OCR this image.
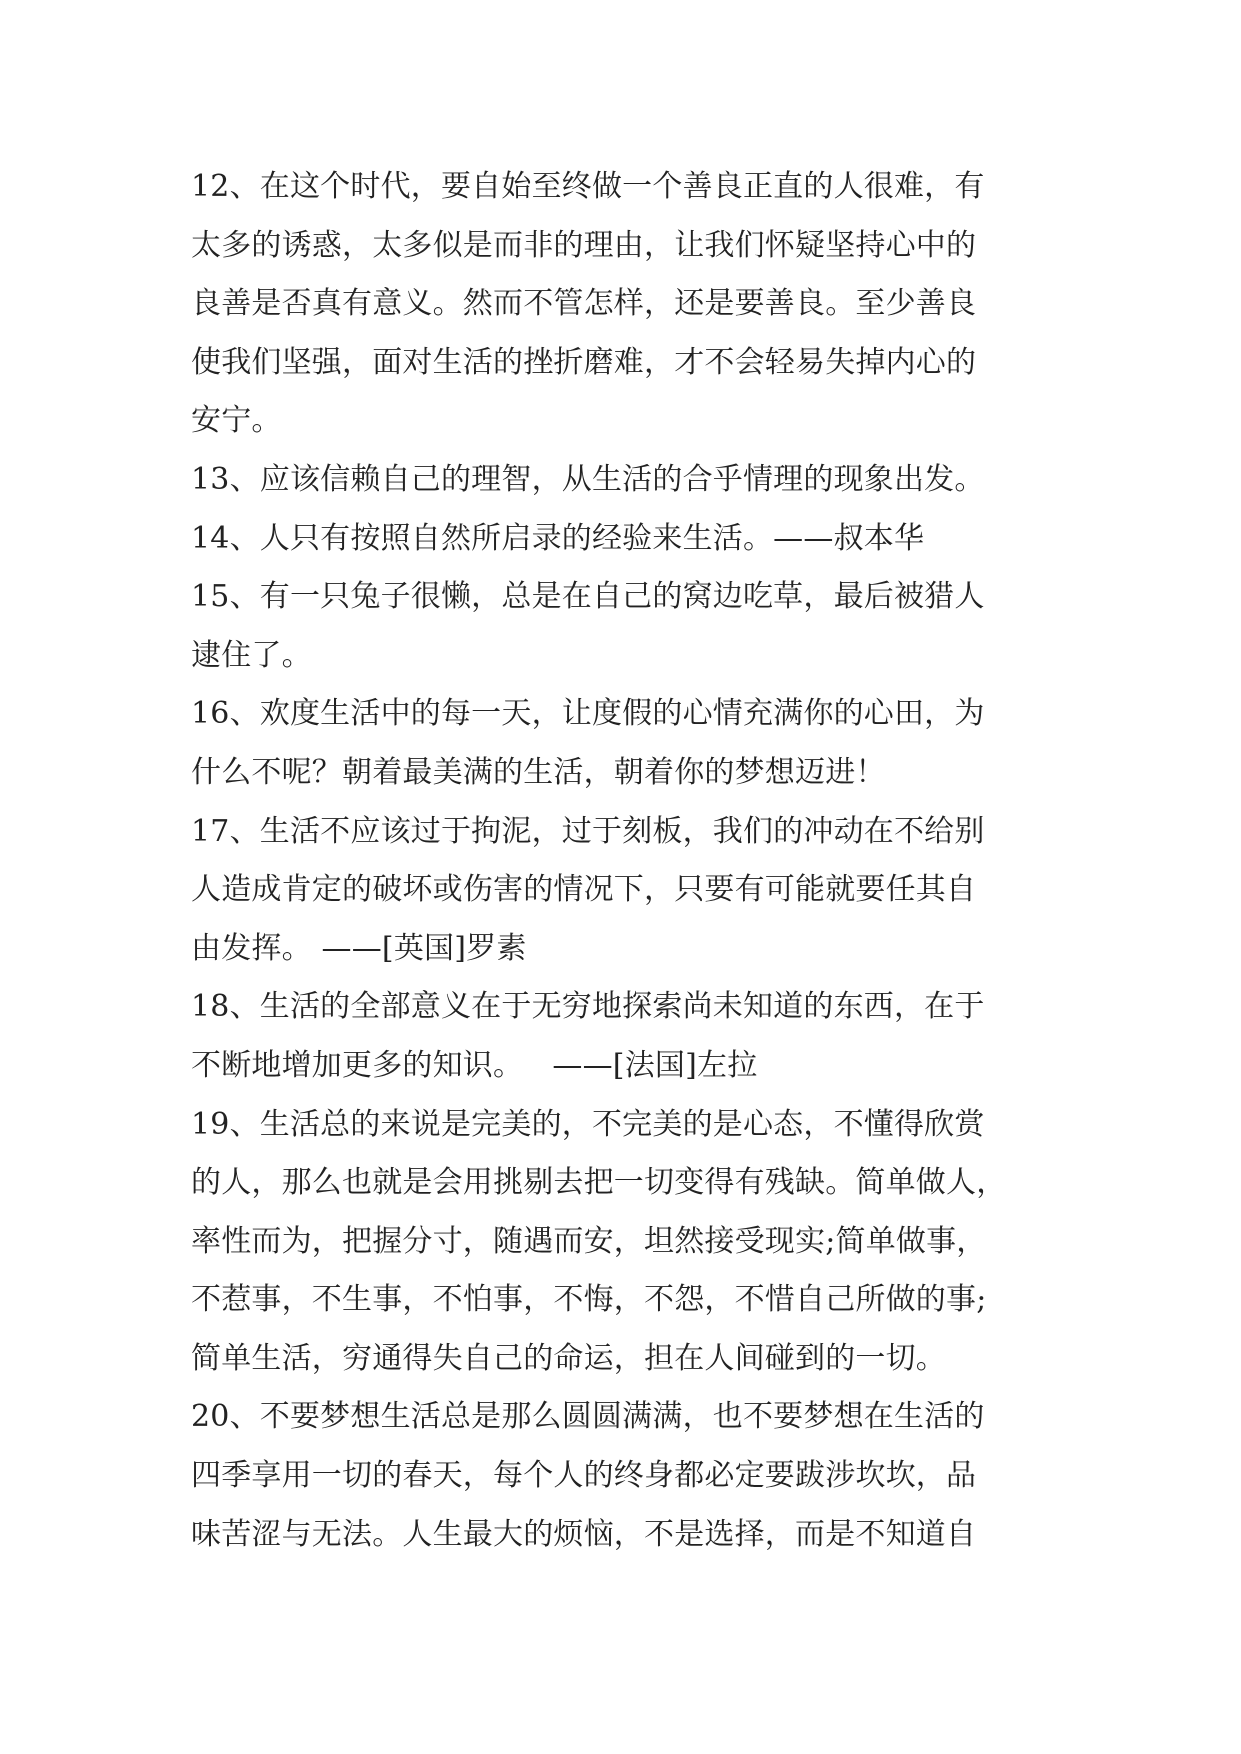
12、在这个时代，要自始至终做一个善良正直的人很难，有
太多的诱惑，太多似是而非的理由，让我们怀疑坚持心中的
良善是否真有意义。然而不管怎样，还是要善良。至少善良
使我们坚强，面对生活的挫折磨难，才不会轻易失掉内心的
安宁。
13、应该信赖自己的理智，从生活的合乎情理的现象出发。
14、人只有按照自然所启录的经验来生活。——叔本华
15、有一只兔子很懒，总是在自己的窝边吃草，最后被猎人
逮住了。
16、欢度生活中的每一天，让度假的心情充满你的心田，为
什么不呢？朝着最美满的生活，朝着你的梦想迈进！
17、生活不应该过于拘泥，过于刻板，我们的冲动在不给别
人造成肯定的破坏或伤害的情况下，只要有可能就要任其自
由发挥。 ——[英国]罗素
18、生活的全部意义在于无穷地探索尚未知道的东西，在于
不断地增加更多的知识。   ——[法国]左拉
19、生活总的来说是完美的，不完美的是心态，不懂得欣赏
的人，那么也就是会用挑剔去把一切变得有残缺。简单做人，
率性而为，把握分寸，随遇而安，坦然接受现实;简单做事，
不惹事，不生事，不怕事，不悔，不怨，不惜自己所做的事;
简单生活，穷通得失自己的命运，担在人间碰到的一切。
20、不要梦想生活总是那么圆圆满满，也不要梦想在生活的
四季享用一切的春天，每个人的终身都必定要跋涉坎坎，品
味苦涩与无法。人生最大的烦恼，不是选择，而是不知道自
